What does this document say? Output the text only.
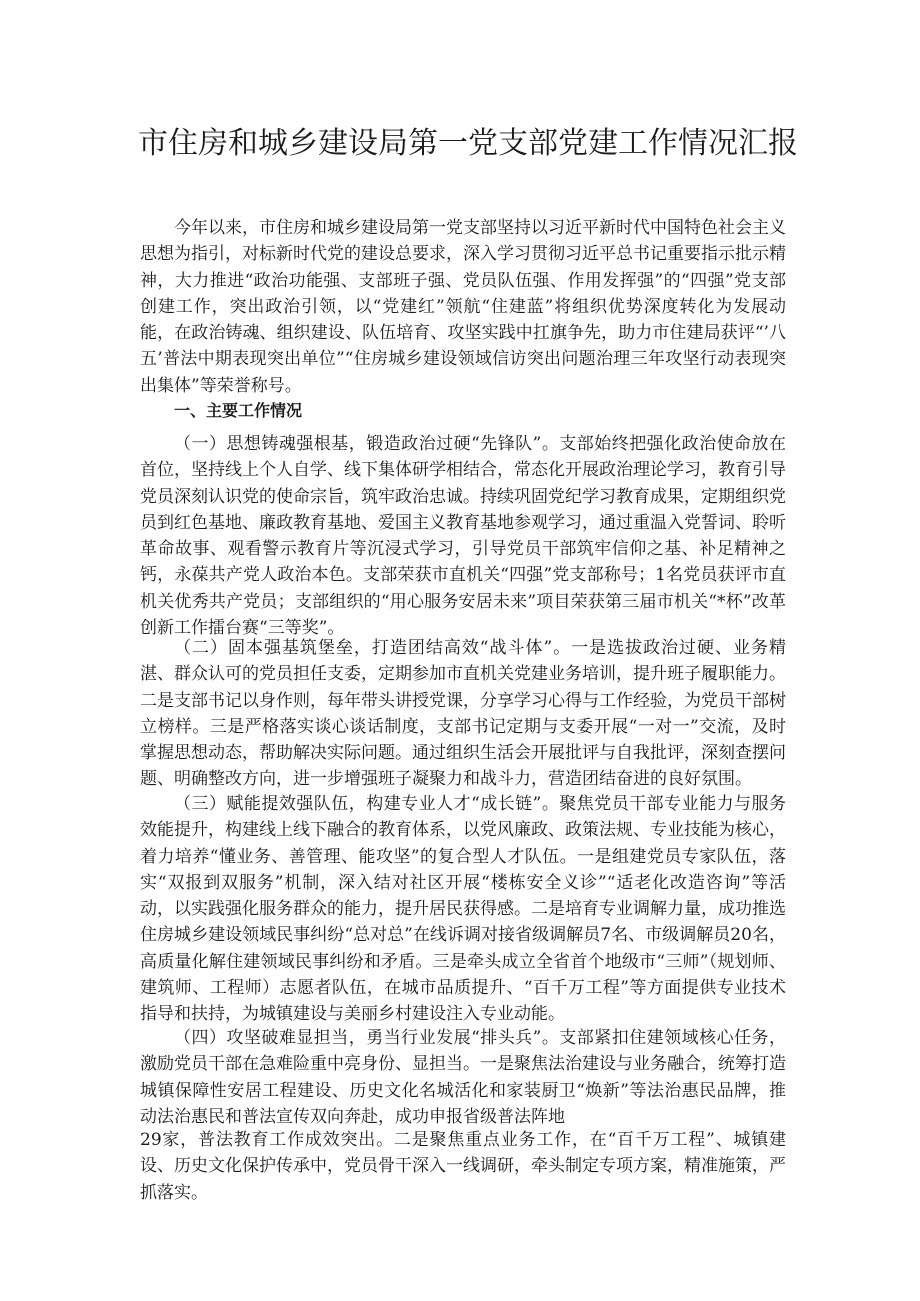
市住房和城乡建设局第一党支部党建工作情况汇报

今年以来，市住房和城乡建设局第一党支部坚持以习近平新时代中国特色社会主义思想为指引，对标新时代党的建设总要求，深入学习贯彻习近平总书记重要指示批示精神，大力推进“政治功能强、支部班子强、党员队伍强、作用发挥强”的“四强”党支部创建工作，突出政治引领，以“党建红”领航“住建蓝”将组织优势深度转化为发展动能，在政治铸魂、组织建设、队伍培育、攻坚实践中扛旗争先，助力市住建局获评“’八五’普法中期表现突出单位”“住房城乡建设领域信访突出问题治理三年攻坚行动表现突出集体”等荣誉称号。

一、主要工作情况

（一）思想铸魂强根基，锻造政治过硬“先锋队”。支部始终把强化政治使命放在首位，坚持线上个人自学、线下集体研学相结合，常态化开展政治理论学习，教育引导党员深刻认识党的使命宗旨，筑牢政治忠诚。持续巩固党纪学习教育成果，定期组织党员到红色基地、廉政教育基地、爱国主义教育基地参观学习，通过重温入党誓词、聆听革命故事、观看警示教育片等沉浸式学习，引导党员干部筑牢信仰之基、补足精神之钙，永葆共产党人政治本色。支部荣获市直机关“四强”党支部称号；1名党员获评市直机关优秀共产党员；支部组织的“用心服务安居未来”项目荣获第三届市机关“*杯”改革创新工作擂台赛“三等奖”。

（二）固本强基筑堡垒，打造团结高效“战斗体”。一是选拔政治过硬、业务精湛、群众认可的党员担任支委，定期参加市直机关党建业务培训，提升班子履职能力。二是支部书记以身作则，每年带头讲授党课，分享学习心得与工作经验，为党员干部树立榜样。三是严格落实谈心谈话制度，支部书记定期与支委开展“一对一”交流，及时掌握思想动态，帮助解决实际问题。通过组织生活会开展批评与自我批评，深刻查摆问题、明确整改方向，进一步增强班子凝聚力和战斗力，营造团结奋进的良好氛围。

（三）赋能提效强队伍，构建专业人才“成长链”。聚焦党员干部专业能力与服务效能提升，构建线上线下融合的教育体系，以党风廉政、政策法规、专业技能为核心，着力培养“懂业务、善管理、能攻坚”的复合型人才队伍。一是组建党员专家队伍，落实“双报到双服务”机制，深入结对社区开展“楼栋安全义诊”“适老化改造咨询”等活动，以实践强化服务群众的能力，提升居民获得感。二是培育专业调解力量，成功推选住房城乡建设领域民事纠纷“总对总”在线诉调对接省级调解员7名、市级调解员20名，高质量化解住建领域民事纠纷和矛盾。三是牵头成立全省首个地级市“三师”（规划师、建筑师、工程师）志愿者队伍，在城市品质提升、“百千万工程”等方面提供专业技术指导和扶持，为城镇建设与美丽乡村建设注入专业动能。

（四）攻坚破难显担当，勇当行业发展“排头兵”。支部紧扣住建领域核心任务，激励党员干部在急难险重中亮身份、显担当。一是聚焦法治建设与业务融合，统筹打造城镇保障性安居工程建设、历史文化名城活化和家装厨卫“焕新”等法治惠民品牌，推动法治惠民和普法宣传双向奔赴，成功申报省级普法阵地

29家，普法教育工作成效突出。二是聚焦重点业务工作，在“百千万工程”、城镇建设、历史文化保护传承中，党员骨干深入一线调研，牵头制定专项方案，精准施策，严抓落实。
